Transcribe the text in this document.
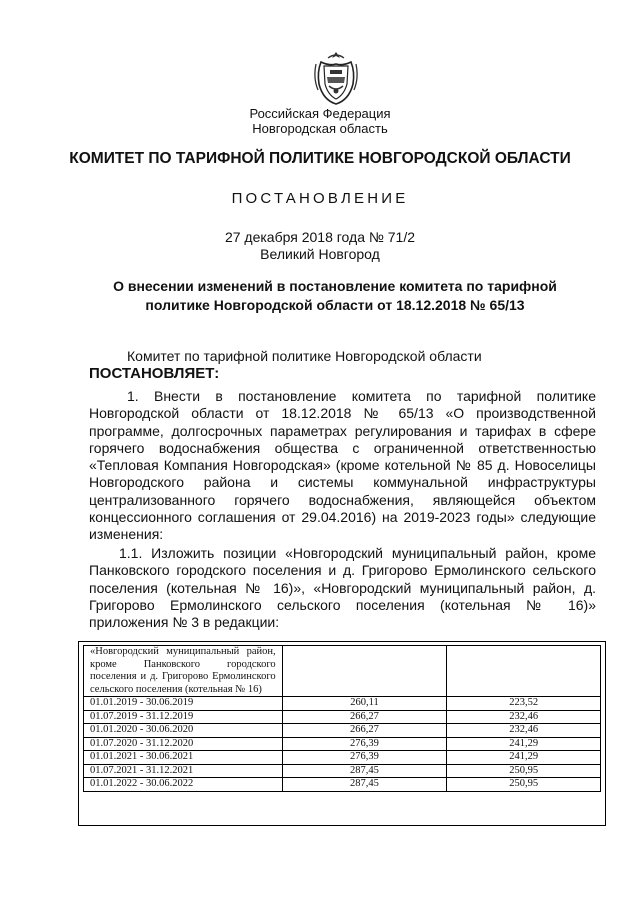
Российская Федерация
Новгородская область
КОМИТЕТ ПО ТАРИФНОЙ ПОЛИТИКЕ НОВГОРОДСКОЙ ОБЛАСТИ
ПОСТАНОВЛЕНИЕ
27 декабря 2018 года № 71/2
Великий Новгород
О внесении изменений в постановление комитета по тарифной политике Новгородской области от 18.12.2018 № 65/13
Комитет по тарифной политике Новгородской области
ПОСТАНОВЛЯЕТ:
1. Внести в постановление комитета по тарифной политике Новгородской области от 18.12.2018 № 65/13 «О производственной программе, долгосрочных параметрах регулирования и тарифах в сфере горячего водоснабжения общества с ограниченной ответственностью «Тепловая Компания Новгородская» (кроме котельной № 85 д. Новоселицы Новгородского района и системы коммунальной инфраструктуры централизованного горячего водоснабжения, являющейся объектом концессионного соглашения от 29.04.2016) на 2019-2023 годы» следующие изменения:
1.1. Изложить позиции «Новгородский муниципальный район, кроме Панковского городского поселения и д. Григорово Ермолинского сельского поселения (котельная № 16)», «Новгородский муниципальный район, д. Григорово Ермолинского сельского поселения (котельная № 16)» приложения № 3 в редакции:
«Новгородский муниципальный район, кроме Панковского городского поселения и д. Григорово Ермолинского сельского поселения (котельная № 16)		
01.01.2019 - 30.06.2019	260,11	223,52
01.07.2019 - 31.12.2019	266,27	232,46
01.01.2020 - 30.06.2020	266,27	232,46
01.07.2020 - 31.12.2020	276,39	241,29
01.01.2021 - 30.06.2021	276,39	241,29
01.07.2021 - 31.12.2021	287,45	250,95
01.01.2022 - 30.06.2022	287,45	250,95
